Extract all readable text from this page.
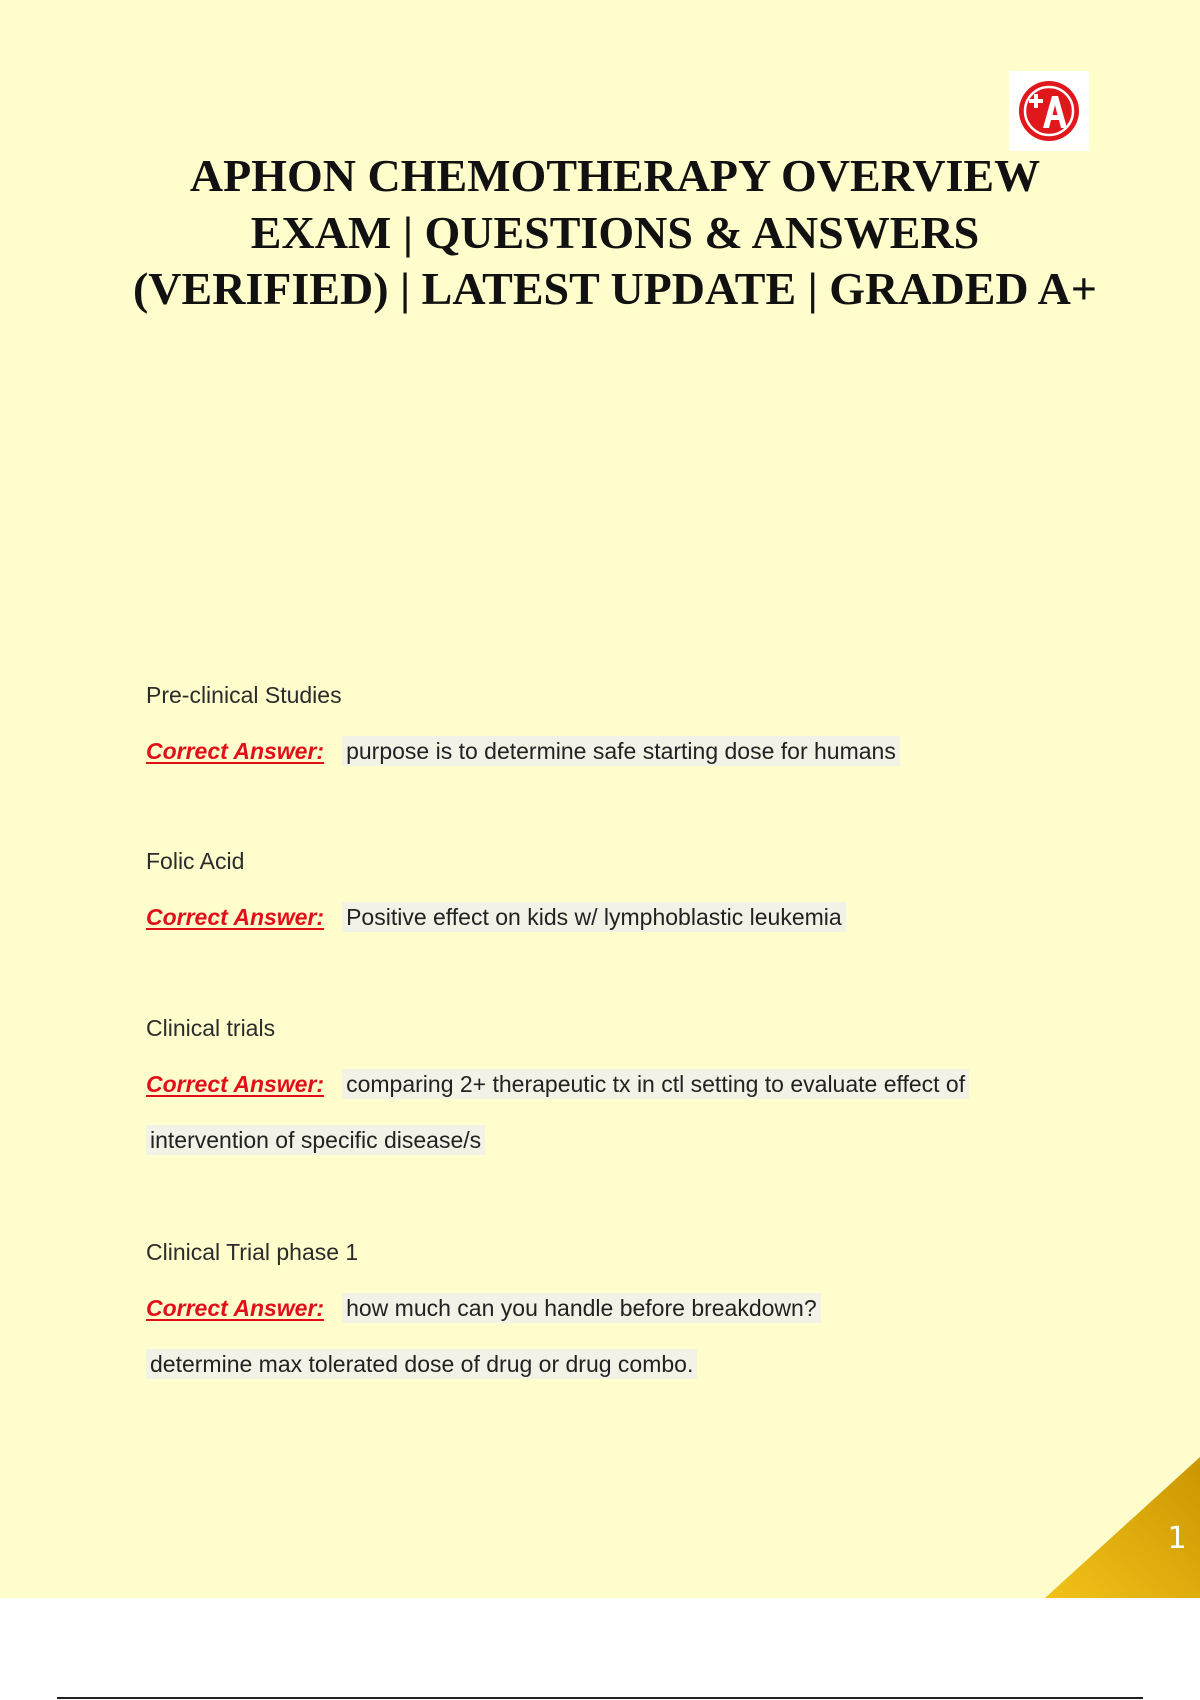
APHON CHEMOTHERAPY OVERVIEW EXAM | QUESTIONS & ANSWERS (VERIFIED) | LATEST UPDATE | GRADED A+
Pre-clinical Studies
Correct Answer: purpose is to determine safe starting dose for humans
Folic Acid
Correct Answer: Positive effect on kids w/ lymphoblastic leukemia
Clinical trials
Correct Answer: comparing 2+ therapeutic tx in ctl setting to evaluate effect of
intervention of specific disease/s
Clinical Trial phase 1
Correct Answer: how much can you handle before breakdown?
determine max tolerated dose of drug or drug combo.
1
